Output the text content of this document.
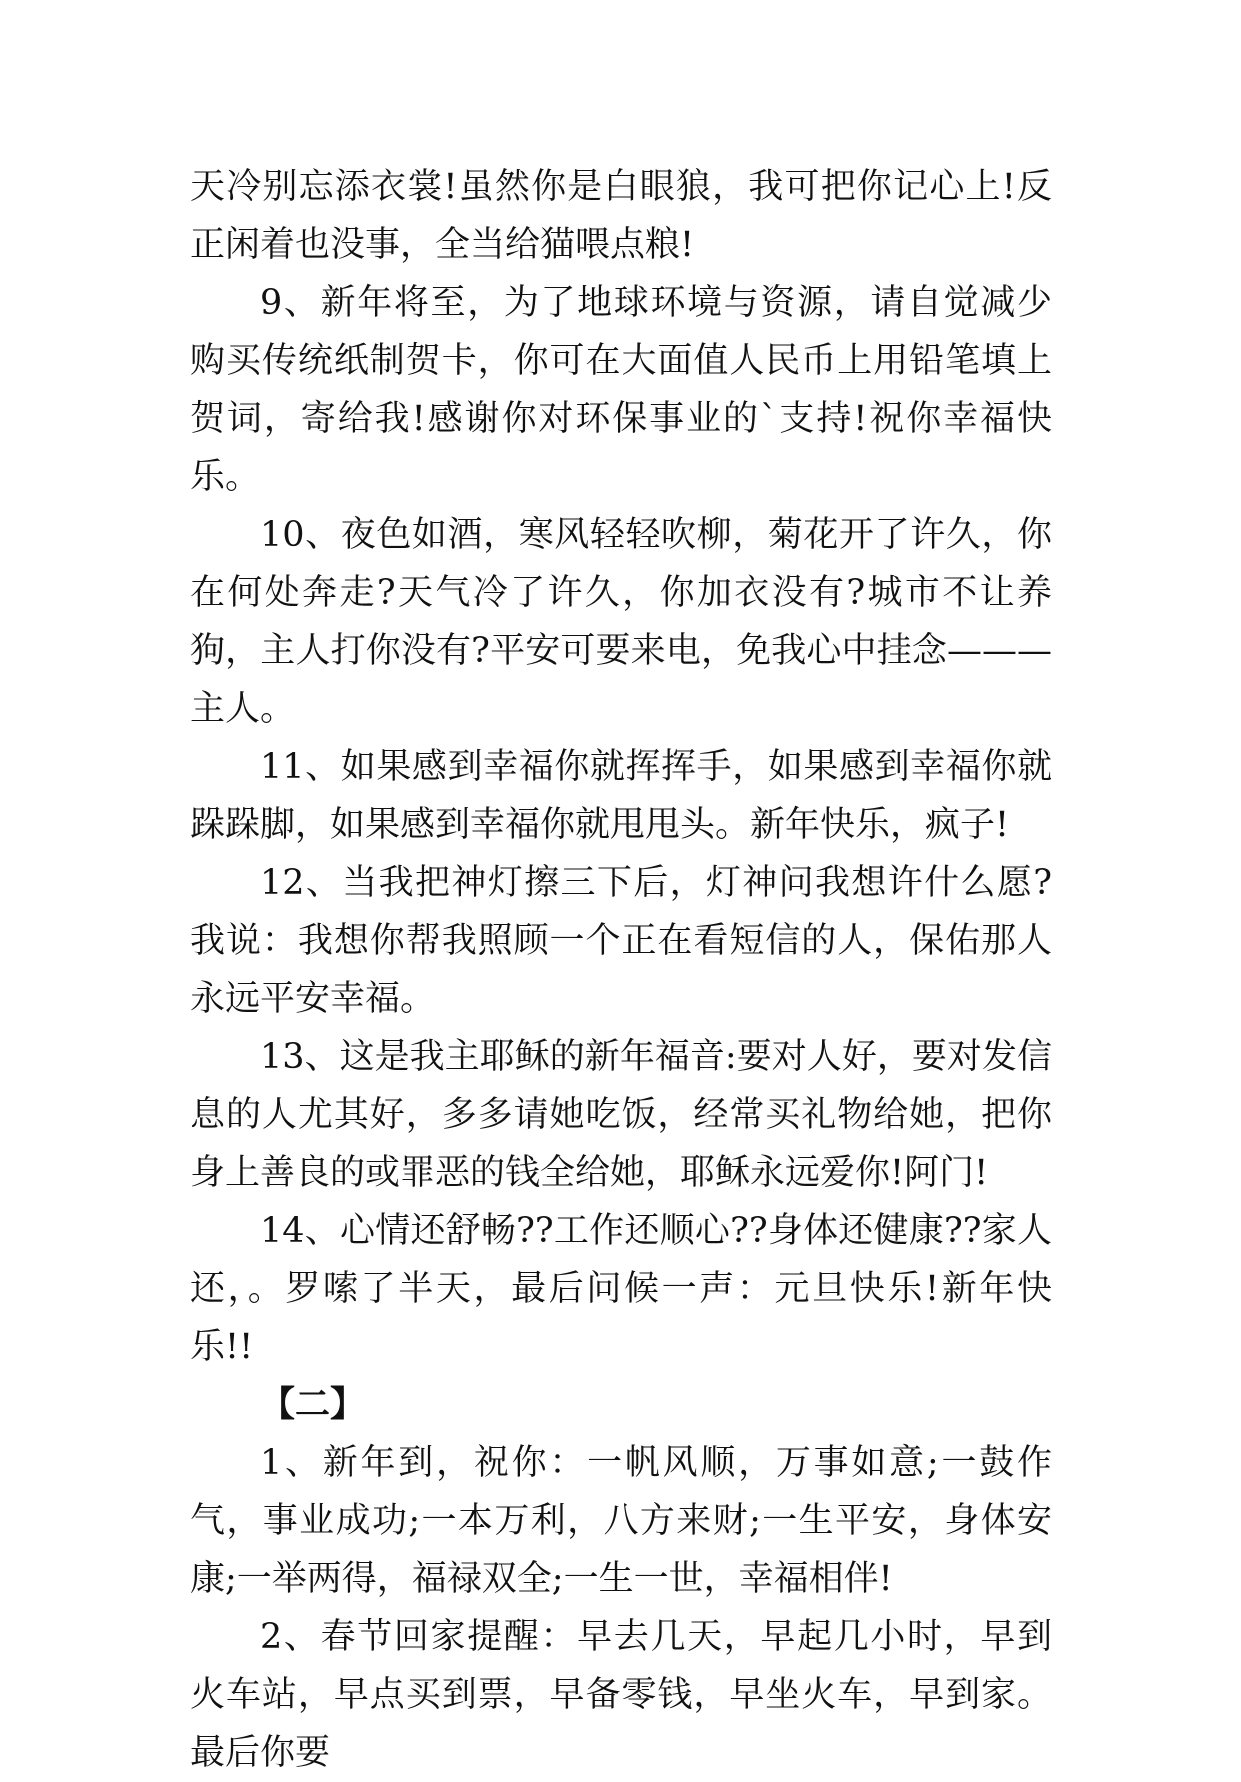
天冷别忘添衣裳!虽然你是白眼狼，我可把你记心上!反正闲着也没事，全当给猫喂点粮!

9、新年将至，为了地球环境与资源，请自觉减少购买传统纸制贺卡，你可在大面值人民币上用铅笔填上贺词，寄给我!感谢你对环保事业的`支持!祝你幸福快乐。

10、夜色如酒，寒风轻轻吹柳，菊花开了许久，你在何处奔走?天气冷了许久，你加衣没有?城市不让养狗，主人打你没有?平安可要来电，免我心中挂念———主人。

11、如果感到幸福你就挥挥手，如果感到幸福你就跺跺脚，如果感到幸福你就甩甩头。新年快乐，疯子!

12、当我把神灯擦三下后，灯神问我想许什么愿?我说：我想你帮我照顾一个正在看短信的人，保佑那人永远平安幸福。

13、这是我主耶稣的新年福音:要对人好，要对发信息的人尤其好，多多请她吃饭，经常买礼物给她，把你身上善良的或罪恶的钱全给她，耶稣永远爱你!阿门!

14、心情还舒畅??工作还顺心??身体还健康??家人还，。罗嗦了半天，最后问候一声：元旦快乐!新年快乐!!

【二】

1、新年到，祝你：一帆风顺，万事如意;一鼓作气，事业成功;一本万利，八方来财;一生平安，身体安康;一举两得，福禄双全;一生一世，幸福相伴!

2、春节回家提醒：早去几天，早起几小时，早到火车站，早点买到票，早备零钱，早坐火车，早到家。最后你要
